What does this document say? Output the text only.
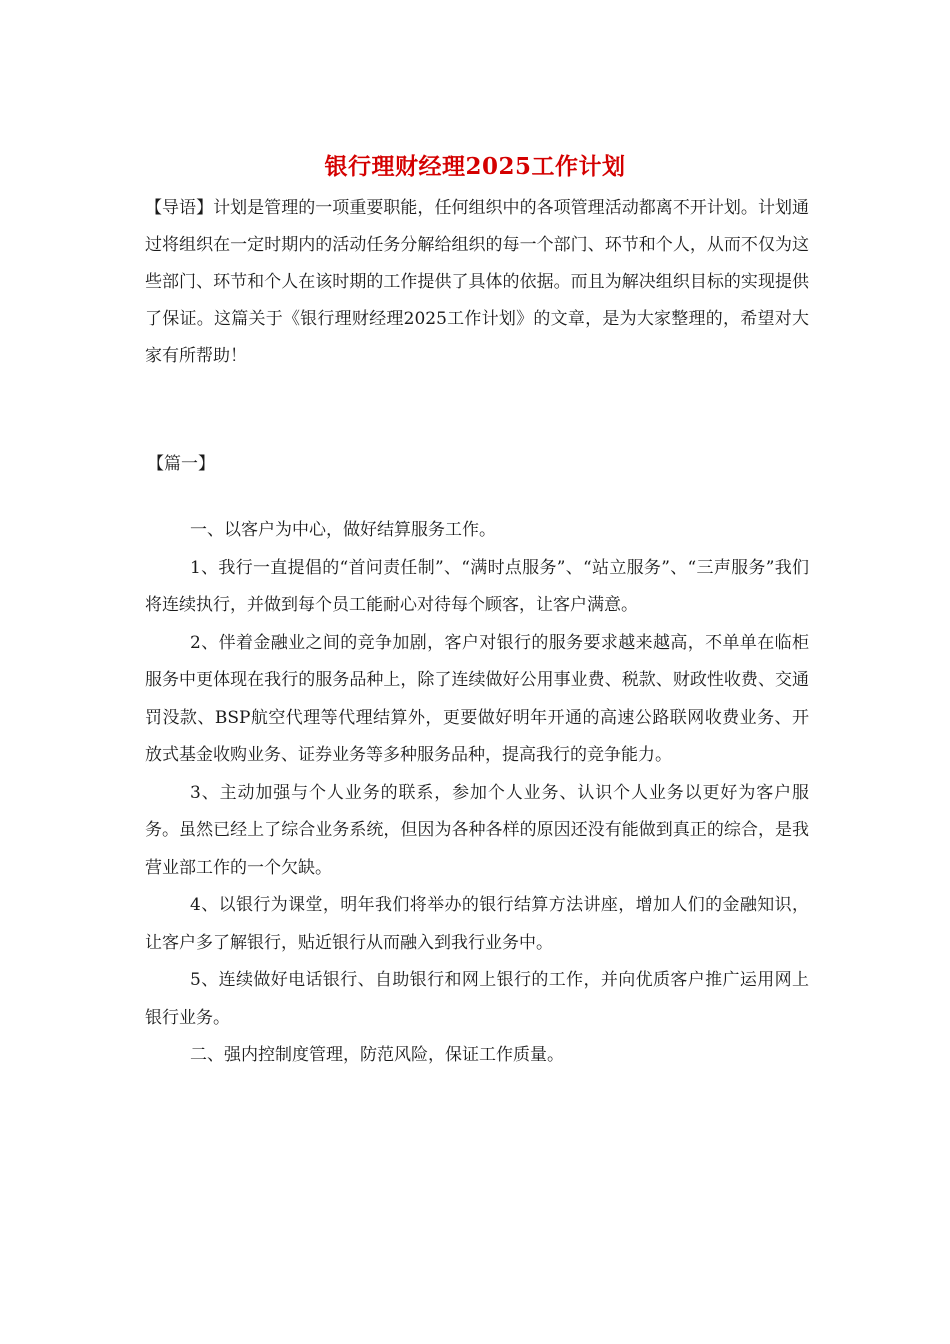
银行理财经理2025工作计划
【导语】计划是管理的一项重要职能，任何组织中的各项管理活动都离不开计划。计划通过将组织在一定时期内的活动任务分解给组织的每一个部门、环节和个人，从而不仅为这些部门、环节和个人在该时期的工作提供了具体的依据。而且为解决组织目标的实现提供了保证。这篇关于《银行理财经理2025工作计划》的文章，是为大家整理的，希望对大家有所帮助！
【篇一】

一、以客户为中心，做好结算服务工作。

1、我行一直提倡的“首问责任制”、“满时点服务”、“站立服务”、“三声服务”我们将连续执行，并做到每个员工能耐心对待每个顾客，让客户满意。

2、伴着金融业之间的竞争加剧，客户对银行的服务要求越来越高，不单单在临柜服务中更体现在我行的服务品种上，除了连续做好公用事业费、税款、财政性收费、交通罚没款、BSP航空代理等代理结算外，更要做好明年开通的高速公路联网收费业务、开放式基金收购业务、证券业务等多种服务品种，提高我行的竞争能力。

3、主动加强与个人业务的联系，参加个人业务、认识个人业务以更好为客户服务。虽然已经上了综合业务系统，但因为各种各样的原因还没有能做到真正的综合，是我营业部工作的一个欠缺。

4、以银行为课堂，明年我们将举办的银行结算方法讲座，增加人们的金融知识，让客户多了解银行，贴近银行从而融入到我行业务中。

5、连续做好电话银行、自助银行和网上银行的工作，并向优质客户推广运用网上银行业务。

二、强内控制度管理，防范风险，保证工作质量。
